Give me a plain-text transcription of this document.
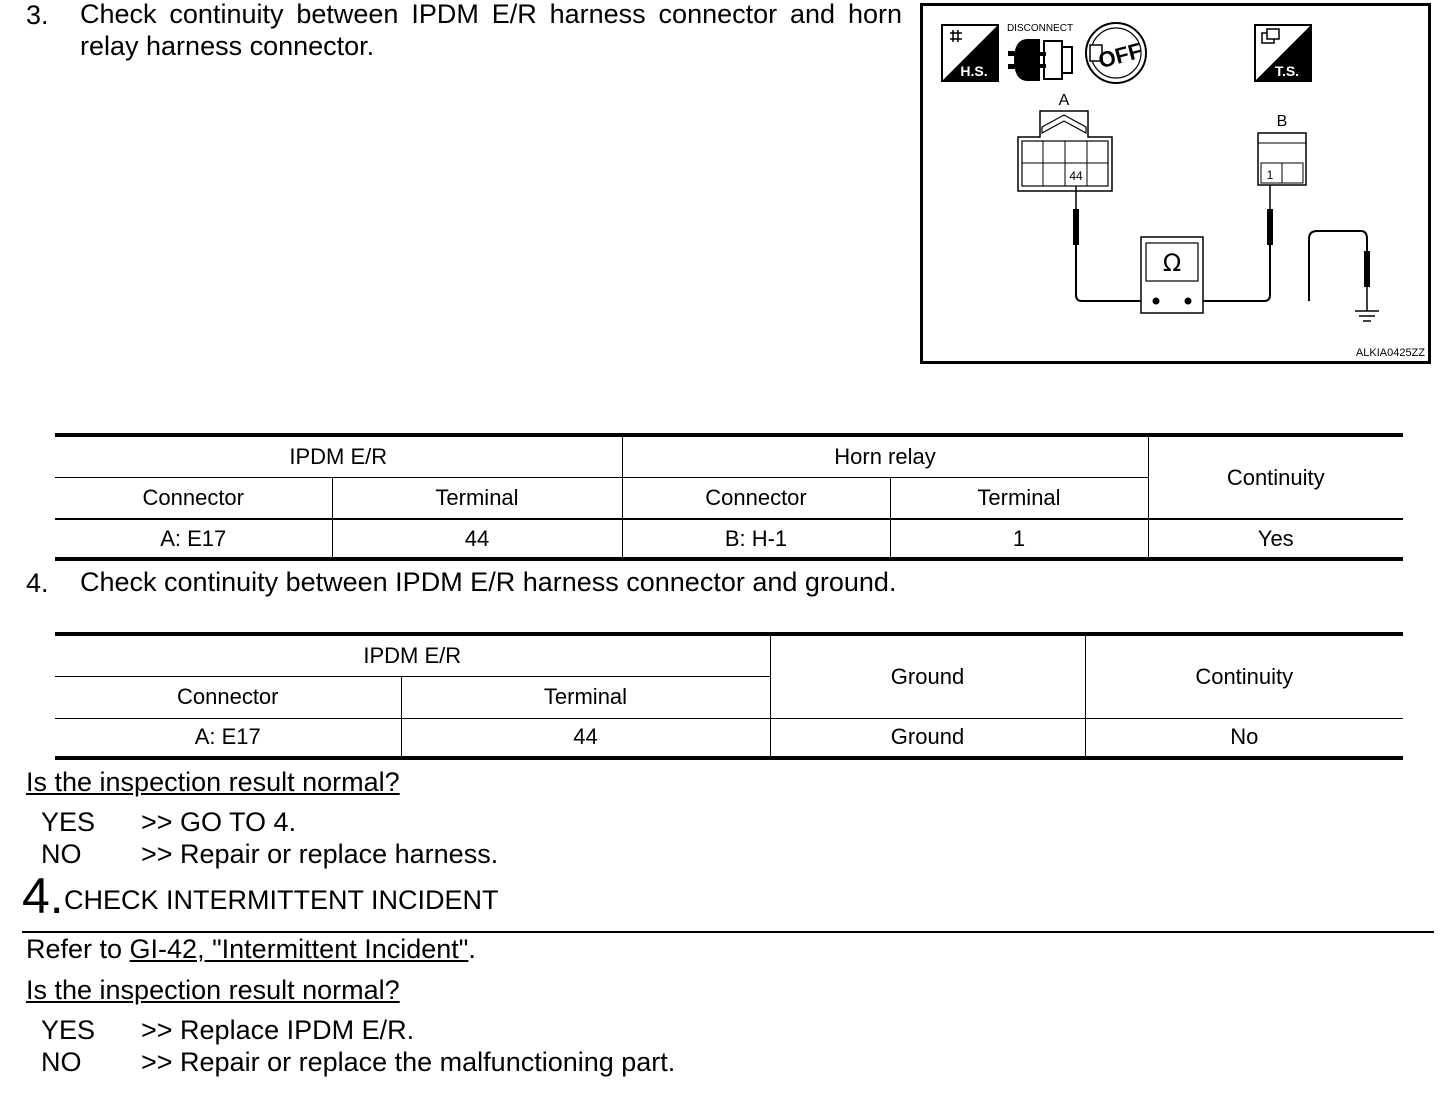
3. Check continuity between IPDM E/R harness connector and horn relay harness connector.
H.S.
DISCONNECT
OFF	T.S.
A
44
B
1
Ω
ALKIA0425ZZ
IPDM E/R		Horn relay		Continuity
Connector	Terminal	Connector	Terminal	
A: E17	44	B: H-1	1	Yes
4. Check continuity between IPDM E/R harness connector and ground.
IPDM E/R		Ground	Continuity
Connector	Terminal		
A: E17	44	Ground	No
Is the inspection result normal?
YES >> GO TO 4.
NO >> Repair or replace harness.
4. CHECK INTERMITTENT INCIDENT
Refer to GI-42, "Intermittent Incident".
Is the inspection result normal?
YES >> Replace IPDM E/R.
NO >> Repair or replace the malfunctioning part.
